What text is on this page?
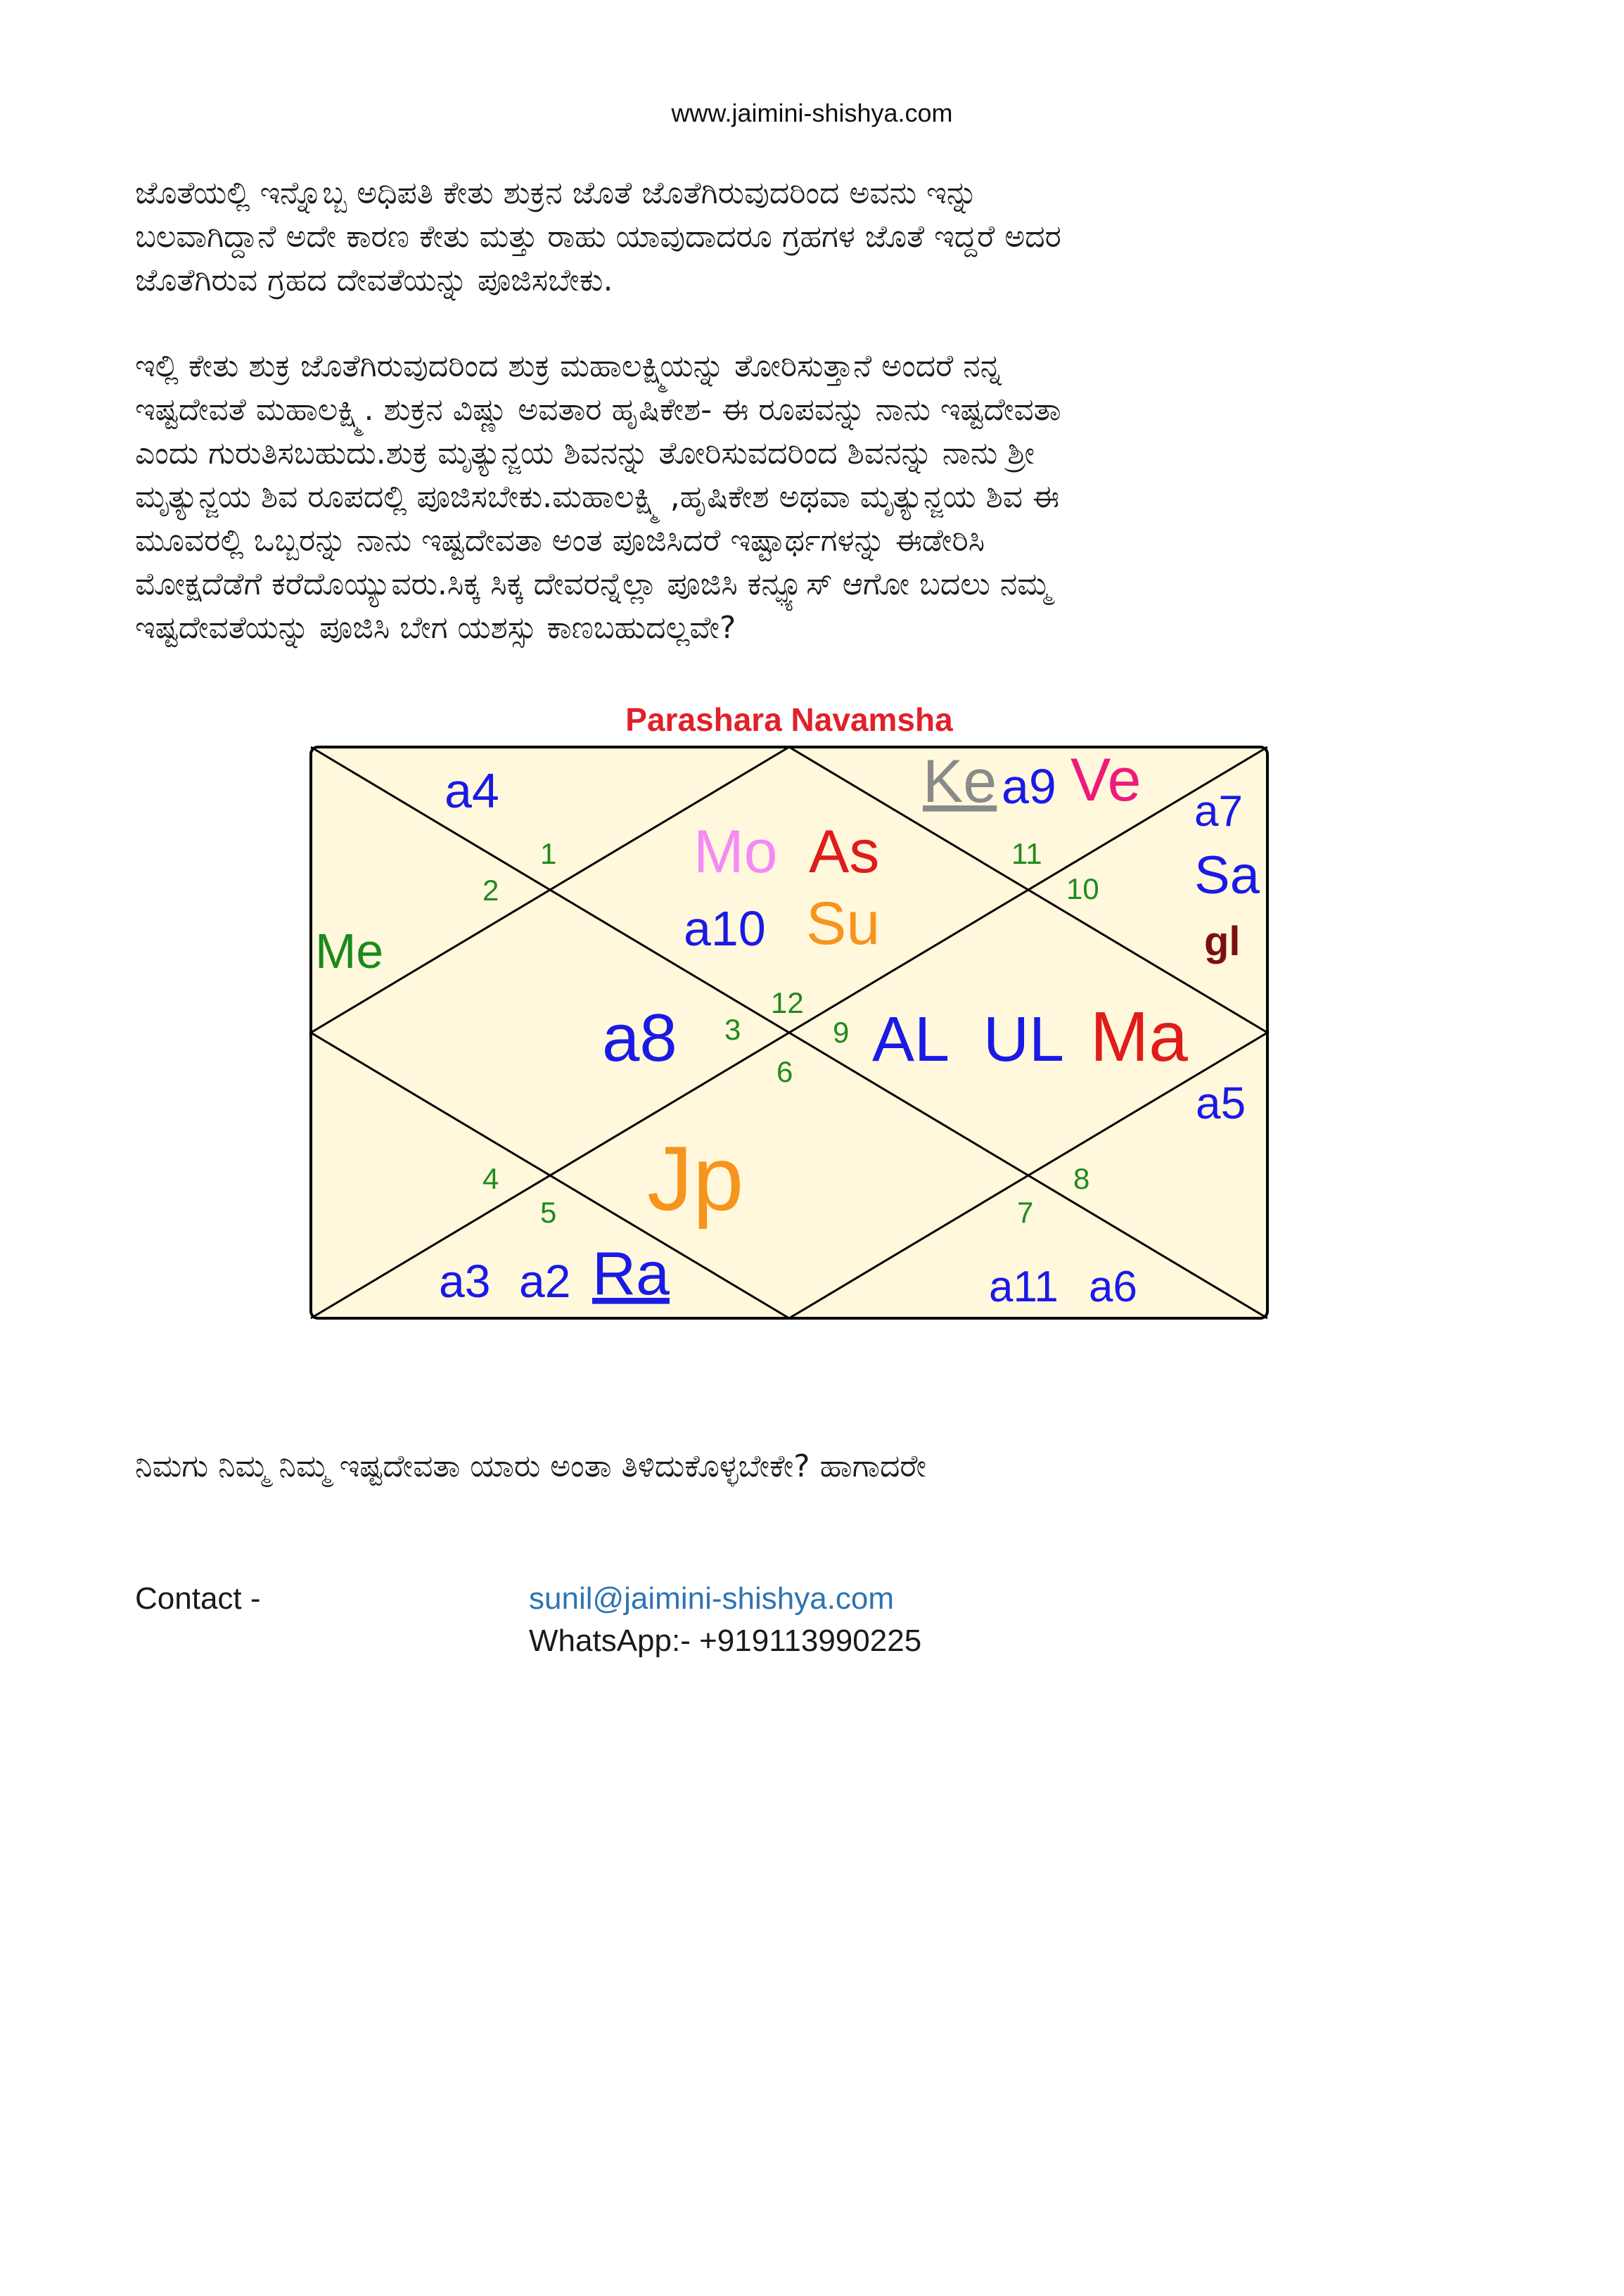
www.jaimini-shishya.com

ಜೊತೆಯಲ್ಲಿ ಇನ್ನೊಬ್ಬ ಅಧಿಪತಿ ಕೇತು ಶುಕ್ರನ ಜೊತೆ ಜೊತೆಗಿರುವುದರಿಂದ ಅವನು ಇನ್ನು
ಬಲವಾಗಿದ್ದಾನೆ ಅದೇ ಕಾರಣ ಕೇತು ಮತ್ತು ರಾಹು ಯಾವುದಾದರೂ ಗ್ರಹಗಳ ಜೊತೆ ಇದ್ದರೆ ಅದರ
ಜೊತೆಗಿರುವ ಗ್ರಹದ ದೇವತೆಯನ್ನು ಪೂಜಿಸಬೇಕು.

ಇಲ್ಲಿ ಕೇತು ಶುಕ್ರ ಜೊತೆಗಿರುವುದರಿಂದ ಶುಕ್ರ ಮಹಾಲಕ್ಷ್ಮಿಯನ್ನು ತೋರಿಸುತ್ತಾನೆ ಅಂದರೆ ನನ್ನ
ಇಷ್ಟದೇವತೆ ಮಹಾಲಕ್ಷ್ಮಿ. ಶುಕ್ರನ ವಿಷ್ಣು ಅವತಾರ ಹೃಷಿಕೇಶ- ಈ ರೂಪವನ್ನು ನಾನು ಇಷ್ಟದೇವತಾ
ಎಂದು ಗುರುತಿಸಬಹುದು.ಶುಕ್ರ ಮೃತ್ಯುನ್ಜಯ ಶಿವನನ್ನು ತೋರಿಸುವದರಿಂದ ಶಿವನನ್ನು ನಾನು ಶ್ರೀ
ಮೃತ್ಯುನ್ಜಯ ಶಿವ ರೂಪದಲ್ಲಿ ಪೂಜಿಸಬೇಕು.ಮಹಾಲಕ್ಷ್ಮಿ ,ಹೃಷಿಕೇಶ ಅಥವಾ ಮೃತ್ಯುನ್ಜಯ ಶಿವ ಈ
ಮೂವರಲ್ಲಿ ಒಬ್ಬರನ್ನು ನಾನು ಇಷ್ಟದೇವತಾ ಅಂತ ಪೂಜಿಸಿದರೆ ಇಷ್ಟಾರ್ಥಗಳನ್ನು ಈಡೇರಿಸಿ
ಮೋಕ್ಷದೆಡೆಗೆ ಕರೆದೊಯ್ಯುವರು.ಸಿಕ್ಕ ಸಿಕ್ಕ ದೇವರನ್ನೆಲ್ಲಾ ಪೂಜಿಸಿ ಕನ್ಫ್ಯೂಸ್ ಆಗೋ ಬದಲು ನಮ್ಮ
ಇಷ್ಟದೇವತೆಯನ್ನು ಪೂಜಿಸಿ ಬೇಗ ಯಶಸ್ಸು ಕಾಣಬಹುದಲ್ಲವೇ?

Parashara Navamsha
1
2
3
4
5
6
7
8
9
10
11
12
a4	Ke a9 Ve a7
Sa
gl
Mo As
a10 Su
Me
a8	AL UL Ma
a5
Jp
a3 a2 Ra	a11 a6

ನಿಮಗು ನಿಮ್ಮ ನಿಮ್ಮ ಇಷ್ಟದೇವತಾ ಯಾರು ಅಂತಾ ತಿಳಿದುಕೊಳ್ಳಬೇಕೇ? ಹಾಗಾದರೇ

Contact -	sunil@jaimini-shishya.com
WhatsApp:- +919113990225
